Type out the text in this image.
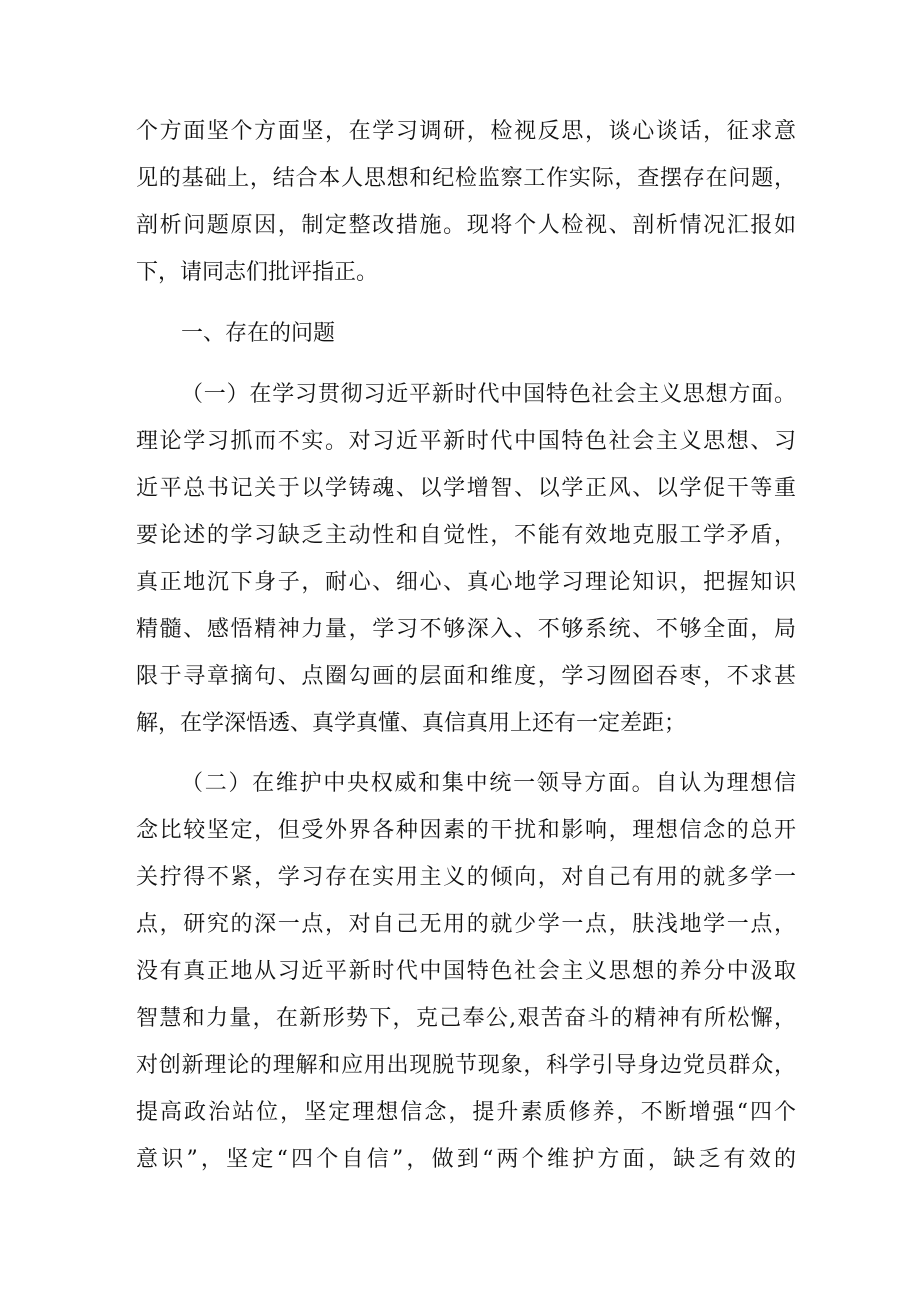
个方面坚个方面坚，在学习调研，检视反思，谈心谈话，征求意
见的基础上，结合本人思想和纪检监察工作实际，查摆存在问题，
剖析问题原因，制定整改措施。现将个人检视、剖析情况汇报如
下，请同志们批评指正。
一、存在的问题
（一）在学习贯彻习近平新时代中国特色社会主义思想方面。
理论学习抓而不实。对习近平新时代中国特色社会主义思想、习
近平总书记关于以学铸魂、以学增智、以学正风、以学促干等重
要论述的学习缺乏主动性和自觉性，不能有效地克服工学矛盾，
真正地沉下身子，耐心、细心、真心地学习理论知识，把握知识
精髓、感悟精神力量，学习不够深入、不够系统、不够全面，局
限于寻章摘句、点圈勾画的层面和维度，学习囫囵吞枣，不求甚
解，在学深悟透、真学真懂、真信真用上还有一定差距；
（二）在维护中央权威和集中统一领导方面。自认为理想信
念比较坚定，但受外界各种因素的干扰和影响，理想信念的总开
关拧得不紧，学习存在实用主义的倾向，对自己有用的就多学一
点，研究的深一点，对自己无用的就少学一点，肤浅地学一点，
没有真正地从习近平新时代中国特色社会主义思想的养分中汲取
智慧和力量，在新形势下，克己奉公,艰苦奋斗的精神有所松懈，
对创新理论的理解和应用出现脱节现象，科学引导身边党员群众，
提高政治站位，坚定理想信念，提升素质修养，不断增强“四个
意识”，坚定“四个自信”，做到“两个维护方面，缺乏有效的
